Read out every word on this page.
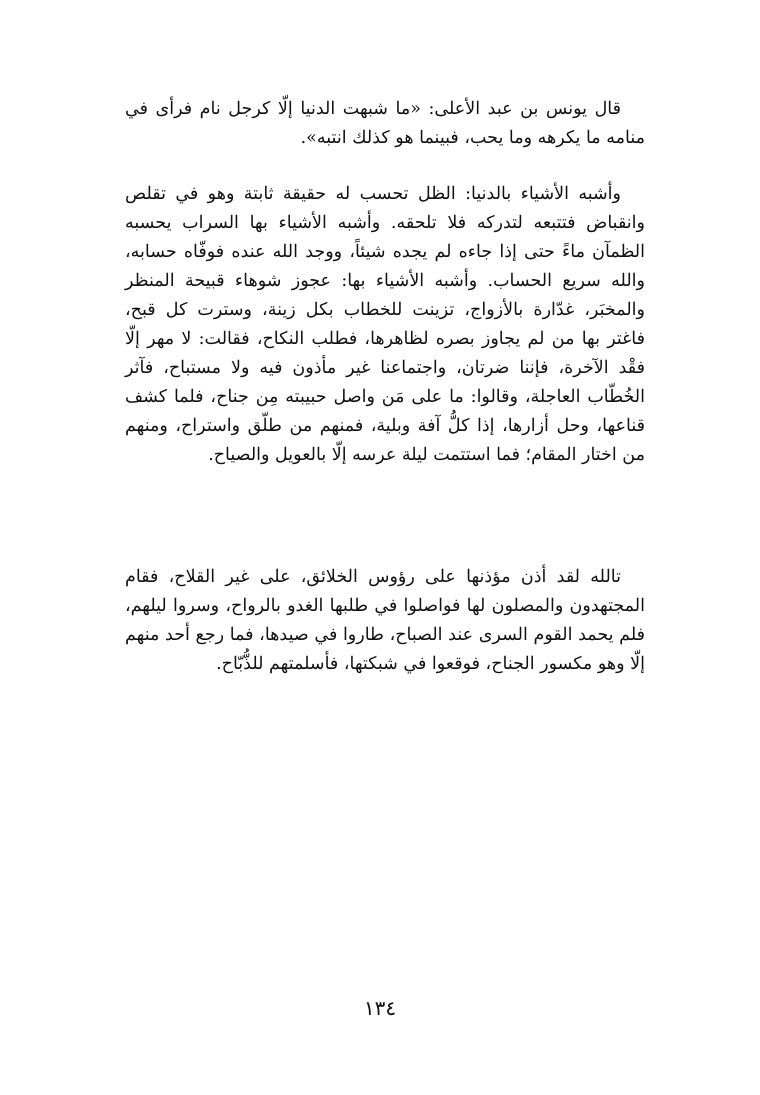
قال يونس بن عبد الأعلى: «ما شبهت الدنيا إلّا كرجل نام فرأى في منامه ما يكرهه وما يحب، فبينما هو كذلك انتبه».

وأشبه الأشياء بالدنيا: الظل تحسب له حقيقة ثابتة وهو في تقلص وانقباض فتتبعه لتدركه فلا تلحقه. وأشبه الأشياء بها السراب يحسبه الظمآن ماءً حتى إذا جاءه لم يجده شيئاً، ووجد الله عنده فوفّاه حسابه، والله سريع الحساب. وأشبه الأشياء بها: عجوز شوهاء قبيحة المنظر والمخبَر، غدّارة بالأزواج، تزينت للخطاب بكل زينة، وسترت كل قبح، فاغتر بها من لم يجاوز بصره لظاهرها، فطلب النكاح، فقالت: لا مهر إلّا فقْد الآخرة، فإننا ضرتان، واجتماعنا غير مأذون فيه ولا مستباح، فآثر الخُطّاب العاجلة، وقالوا: ما على مَن واصل حبيبته مِن جناح، فلما كشف قناعها، وحل أزارها، إذا كلُّ آفة وبلية، فمنهم من طلّق واستراح، ومنهم من اختار المقام؛ فما استتمت ليلة عرسه إلّا بالعويل والصياح.

تالله لقد أذن مؤذنها على رؤوس الخلائق، على غير القلاح، فقام المجتهدون والمصلون لها فواصلوا في طلبها الغدو بالرواح، وسروا ليلهم، فلم يحمد القوم السرى عند الصباح، طاروا في صيدها، فما رجع أحد منهم إلّا وهو مكسور الجناح، فوقعوا في شبكتها، فأسلمتهم للذُّبّاح.

١٣٤
